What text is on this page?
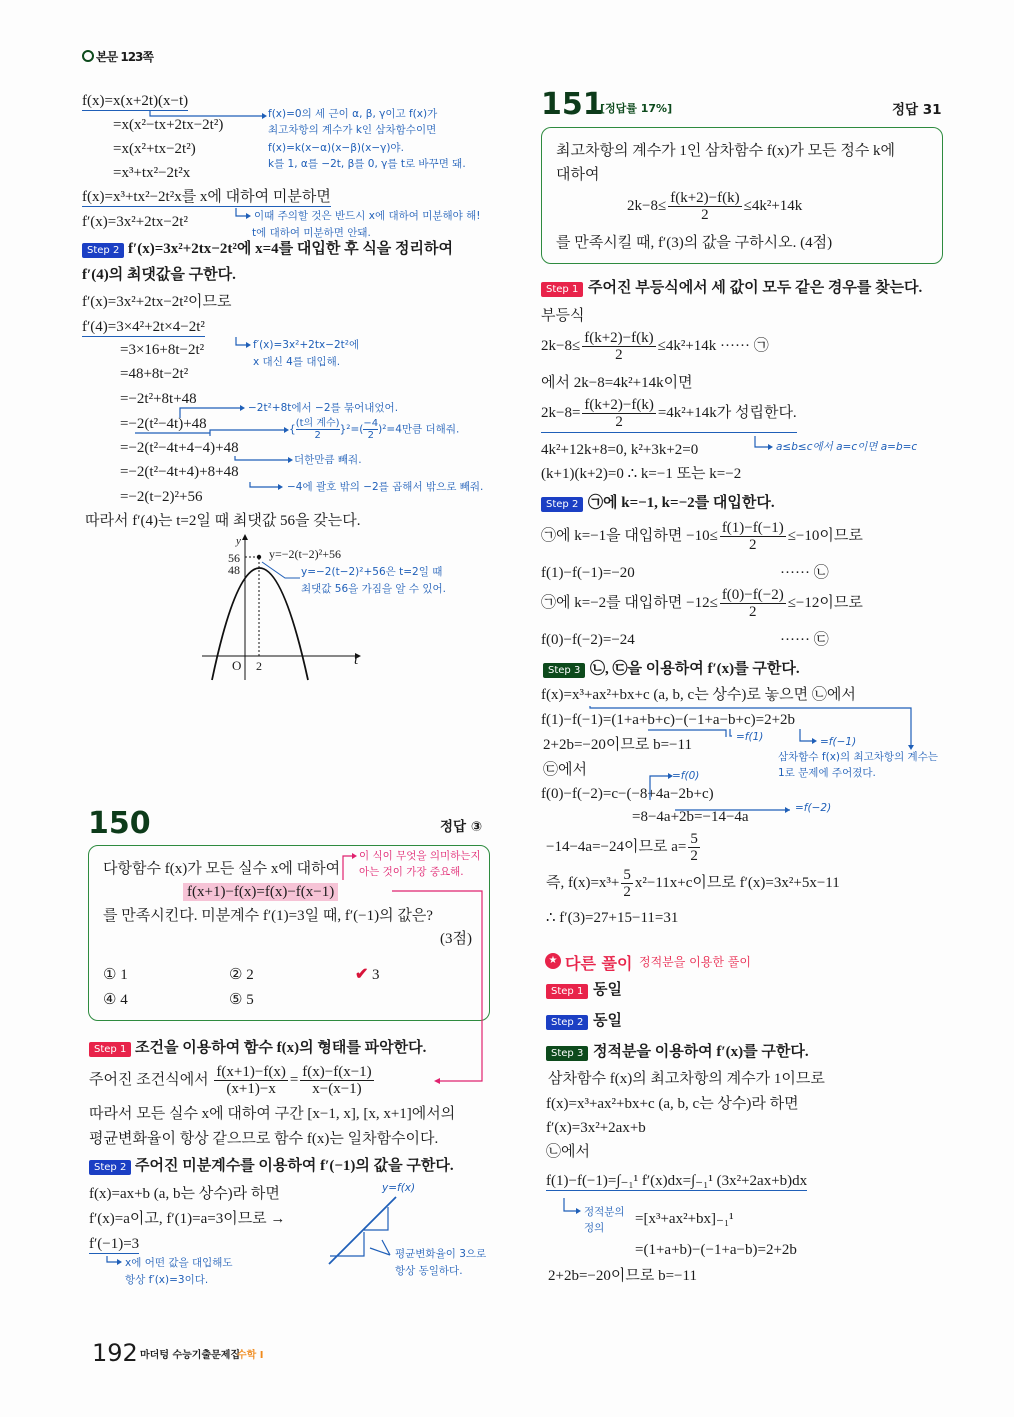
본문 123쪽
f(x)=x(x+2t)(x−t)
=x(x²−tx+2tx−2t²)
=x(x²+tx−2t²)
=x³+tx²−2t²x
f(x)=0의 세 근이 α, β, γ이고 f(x)가
최고차항의 계수가 k인 삼차함수이면
f(x)=k(x−α)(x−β)(x−γ)야.
k를 1, α를 −2t, β를 0, γ를 t로 바꾸면 돼.
f(x)=x³+tx²−2t²x를 x에 대하여 미분하면
f′(x)=3x²+2tx−2t²	이때 주의할 것은 반드시 x에 대하여 미분해야 해!
t에 대하여 미분하면 안돼.
Step 2 f′(x)=3x²+2tx−2t²에 x=4를 대입한 후 식을 정리하여
f′(4)의 최댓값을 구한다.
f′(x)=3x²+2tx−2t²이므로
f′(4)=3×4²+2t×4−2t²
=3×16+8t−2t²
=48+8t−2t²
=−2t²+8t+48
=−2(t²−4t)+48
=−2(t²−4t+4−4)+48
=−2(t²−4t+4)+8+48
=−2(t−2)²+56
f′(x)=3x²+2tx−2t²에
x 대신 4를 대입해.
−2t²+8t에서 −2를 묶어내었어.
{ (t의 계수)
2	}$^2=( \frac{-4}{2} )^2=4$만큼 더해줘.
더한만큼 빼줘.
−4에 괄호 밖의 −2를 곱해서 밖으로 빼줘.
따라서 f′(4)는 t=2일 때 최댓값 56을 갖는다.
y
56
48
O 2	t
y=−2(t−2)²+56
y=−2(t−2)²+56은 t=2일 때
최댓값 56을 가짐을 알 수 있어.
150	정답 ③
다항함수 f(x)가 모든 실수 x에 대하여
f(x+1)−f(x)=f(x)−f(x−1)
를 만족시킨다. 미분계수 f′(1)=3일 때, f′(−1)의 값은?
(3점)
① 1	② 2	✔ 3
④ 4	⑤ 5
이 식이 무엇을 의미하는지
아는 것이 가장 중요해.
Step 1 조건을 이용하여 함수 f(x)의 형태를 파악한다.
주어진 조건식에서 $\frac{f(x+1)-f(x)}{(x+1)-x} = \frac{f(x)-f(x-1)}{x-(x-1)}$
따라서 모든 실수 x에 대하여 구간 [x−1, x], [x, x+1]에서의
평균변화율이 항상 같으므로 함수 f(x)는 일차함수이다.
Step 2 주어진 미분계수를 이용하여 f′(−1)의 값을 구한다.
f(x)=ax+b (a, b는 상수)라 하면
f′(x)=a이고, f′(1)=a=3이므로 →
f′(−1)=3
x에 어떤 값을 대입해도
항상 f′(x)=3이다.
y=f(x)
평균변화율이 3으로
항상 동일하다.
192 마더텅 수능기출문제집
수학 I
151
[정답률 17%]	정답 31
최고차항의 계수가 1인 삼차함수 f(x)가 모든 정수 k에
대하여
$2k-8\le \frac{f(k+2)-f(k)}{2} \le 4k^2+14k$
를 만족시킬 때, f′(3)의 값을 구하시오. (4점)
Step 1 주어진 부등식에서 세 값이 모두 같은 경우를 찾는다.
부등식
$2k-8\le \frac{f(k+2)-f(k)}{2} \le 4k^2+14k$ ······ ㉠
에서 2k−8=4k²+14k이면
$2k-8= \frac{f(k+2)-f(k)}{2} =4k^2+14k$가 성립한다.
a≤b≤c에서 a=c이면 a=b=c
4k²+12k+8=0, k²+3k+2=0
(k+1)(k+2)=0 ∴ k=−1 또는 k=−2
Step 2 ㉠에 k=−1, k=−2를 대입한다.
㉠에 k=−1을 대입하면 $-10\le \frac{f(1)-f(-1)}{2} \le-10$이므로
f(1)−f(−1)=−20	······ ㉡
㉠에 k=−2를 대입하면 $-12\le \frac{f(0)-f(-2)}{2} \le-12$이므로
f(0)−f(−2)=−24	······ ㉢
Step 3 ㉡, ㉢을 이용하여 f′(x)를 구한다.
f(x)=x³+ax²+bx+c (a, b, c는 상수)로 놓으면 ㉡에서
f(1)−f(−1)=(1+a+b+c)−(−1+a−b+c)=2+2b
2+2b=−20이므로 b=−11
㉢에서
f(0)−f(−2)=c−(−8+4a−2b+c)
=8−4a+2b=−14−4a
=f(1)	=f(−1)
삼차함수 f(x)의 최고차항의 계수는
1로 문제에 주어졌다.
=f(0)
=f(−2)
−14−4a=−24이므로 $a= \frac{5}{2}$
즉, $f(x)=x^3+ \frac{5}{2} x^2-11x+c$이므로 f′(x)=3x²+5x−11
∴ f′(3)=27+15−11=31
★ 다른 풀이 정적분을 이용한 풀이
Step 1 동일
Step 2 동일
Step 3 정적분을 이용하여 f′(x)를 구한다.
삼차함수 f(x)의 최고차항의 계수가 1이므로
f(x)=x³+ax²+bx+c (a, b, c는 상수)라 하면
f′(x)=3x²+2ax+b
㉡에서
f(1)−f(−1)=∫₋₁¹ f′(x)dx=∫₋₁¹ (3x²+2ax+b)dx
=[x³+ax²+bx]₋₁¹
=(1+a+b)−(−1+a−b)=2+2b
2+2b=−20이므로 b=−11
정적분의
정의
